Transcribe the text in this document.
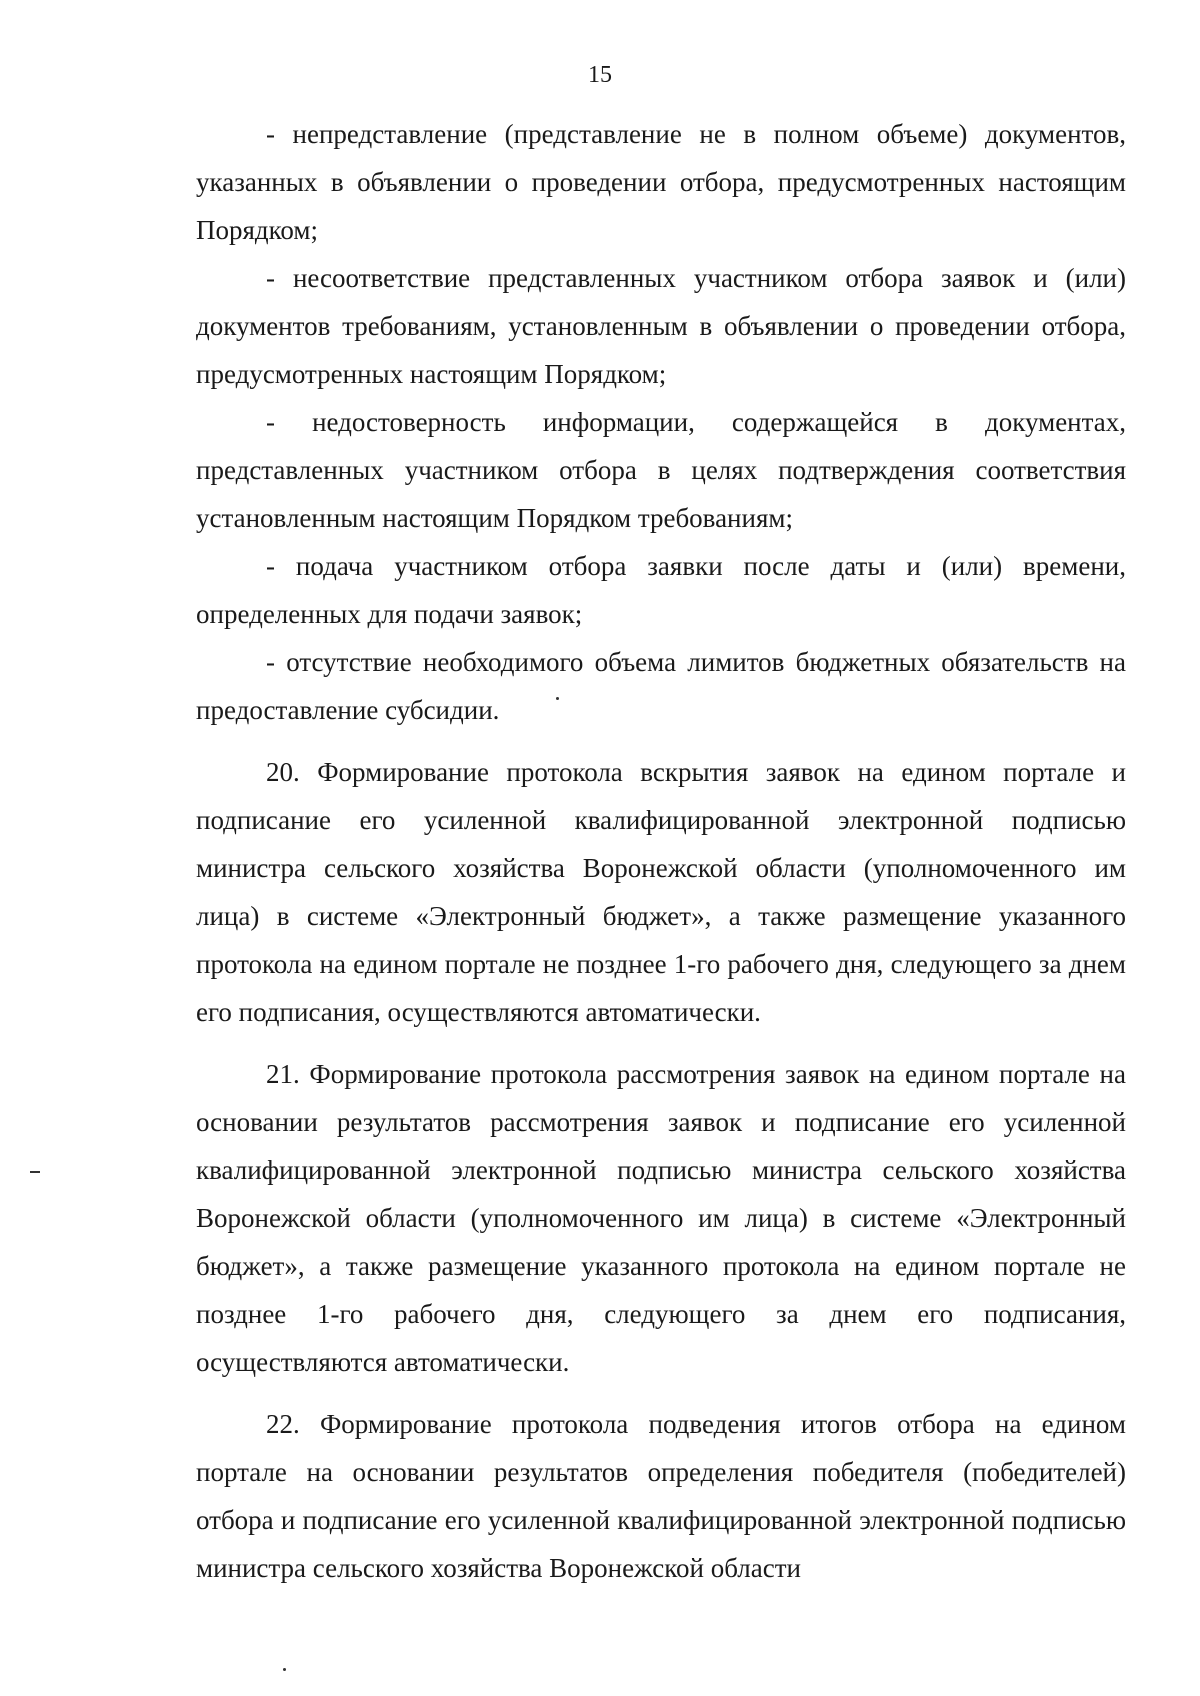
15

- непредставление (представление не в полном объеме) документов, указанных в объявлении о проведении отбора, предусмотренных настоящим Порядком;

- несоответствие представленных участником отбора заявок и (или) документов требованиям, установленным в объявлении о проведении отбора, предусмотренных настоящим Порядком;

- недостоверность информации, содержащейся в документах, представленных участником отбора в целях подтверждения соответствия установленным настоящим Порядком требованиям;

- подача участником отбора заявки после даты и (или) времени, определенных для подачи заявок;

- отсутствие необходимого объема лимитов бюджетных обязательств на предоставление субсидии.

20. Формирование протокола вскрытия заявок на едином портале и подписание его усиленной квалифицированной электронной подписью министра сельского хозяйства Воронежской области (уполномоченного им лица) в системе «Электронный бюджет», а также размещение указанного протокола на едином портале не позднее 1-го рабочего дня, следующего за днем его подписания, осуществляются автоматически.

21. Формирование протокола рассмотрения заявок на едином портале на основании результатов рассмотрения заявок и подписание его усиленной квалифицированной электронной подписью министра сельского хозяйства Воронежской области (уполномоченного им лица) в системе «Электронный бюджет», а также размещение указанного протокола на едином портале не позднее 1-го рабочего дня, следующего за днем его подписания, осуществляются автоматически.

22. Формирование протокола подведения итогов отбора на едином портале на основании результатов определения победителя (победителей) отбора и подписание его усиленной квалифицированной электронной подписью министра сельского хозяйства Воронежской области
